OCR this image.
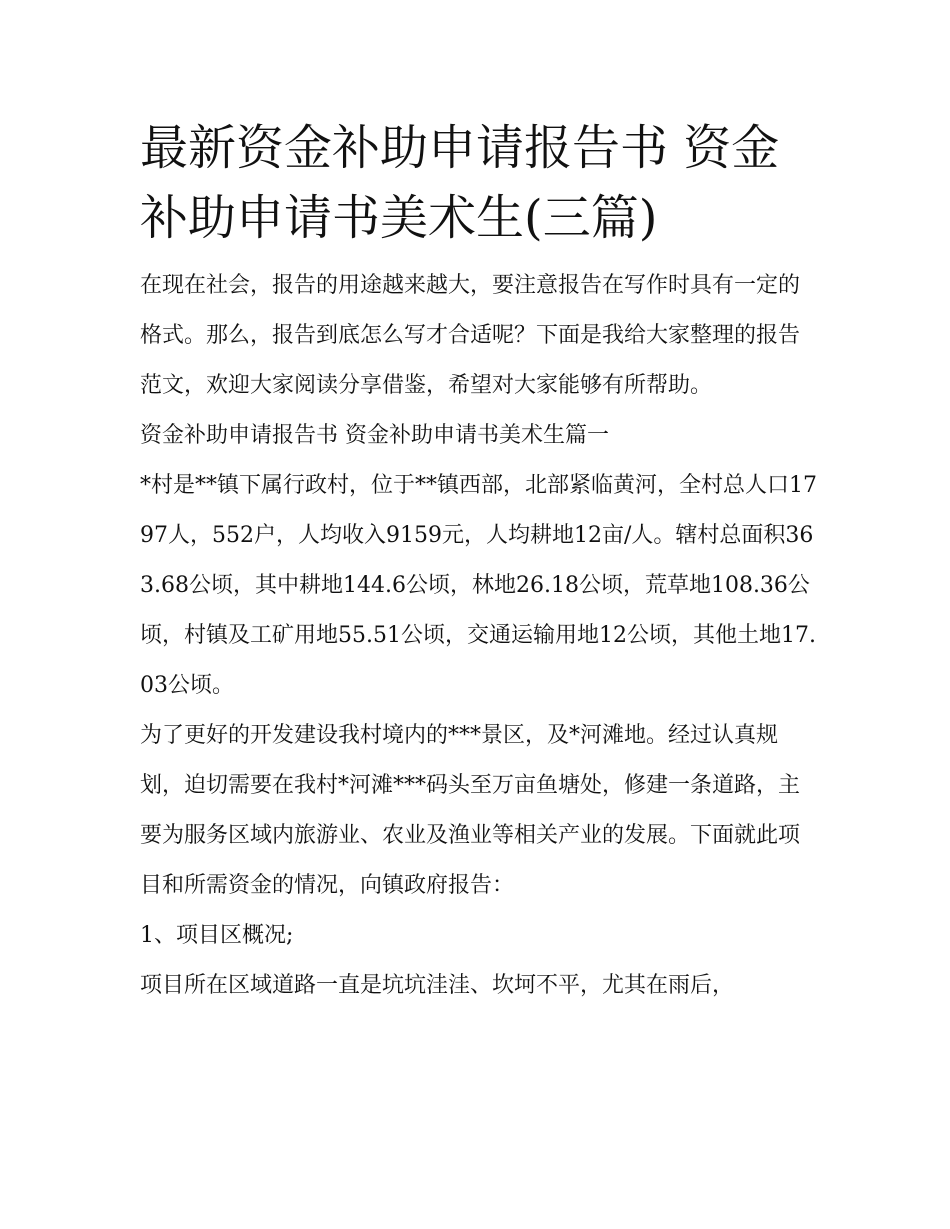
最新资金补助申请报告书 资金补助申请书美术生(三篇)

在现在社会，报告的用途越来越大，要注意报告在写作时具有一定的格式。那么，报告到底怎么写才合适呢？下面是我给大家整理的报告范文，欢迎大家阅读分享借鉴，希望对大家能够有所帮助。

资金补助申请报告书 资金补助申请书美术生篇一

*村是**镇下属行政村，位于**镇西部，北部紧临黄河，全村总人口1797人，552户，人均收入9159元，人均耕地12亩/人。辖村总面积363.68公顷，其中耕地144.6公顷，林地26.18公顷，荒草地108.36公顷，村镇及工矿用地55.51公顷，交通运输用地12公顷，其他土地17.03公顷。

为了更好的开发建设我村境内的***景区，及*河滩地。经过认真规划，迫切需要在我村*河滩***码头至万亩鱼塘处，修建一条道路，主要为服务区域内旅游业、农业及渔业等相关产业的发展。下面就此项目和所需资金的情况，向镇政府报告：

1、项目区概况;

项目所在区域道路一直是坑坑洼洼、坎坷不平，尤其在雨后，
